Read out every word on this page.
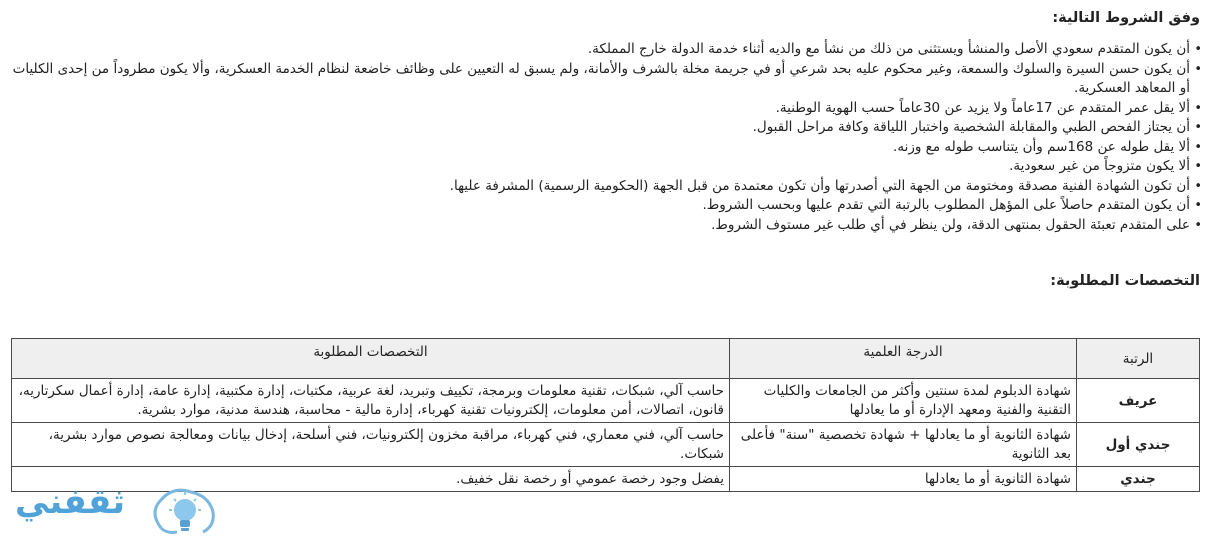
وفق الشروط التالية:
• أن يكون المتقدم سعودي الأصل والمنشأ ويستثنى من ذلك من نشأ مع والديه أثناء خدمة الدولة خارج المملكة.
• أن يكون حسن السيرة والسلوك والسمعة، وغير محكوم عليه بحد شرعي أو في جريمة مخلة بالشرف والأمانة، ولم يسبق له التعيين على وظائف خاضعة لنظام الخدمة العسكرية، وألا يكون مطروداً من إحدى الكليات أو المعاهد العسكرية.
• ألا يقل عمر المتقدم عن 17عاماً ولا يزيد عن 30عاماً حسب الهوية الوطنية.
• أن يجتاز الفحص الطبي والمقابلة الشخصية واختبار اللياقة وكافة مراحل القبول.
• ألا يقل طوله عن 168سم وأن يتناسب طوله مع وزنه.
• ألا يكون متزوجاً من غير سعودية.
• أن تكون الشهادة الفنية مصدقة ومختومة من الجهة التي أصدرتها وأن تكون معتمدة من قبل الجهة (الحكومية الرسمية) المشرفة عليها.
• أن يكون المتقدم حاصلاً على المؤهل المطلوب بالرتبة التي تقدم عليها وبحسب الشروط.
• على المتقدم تعبئة الحقول بمنتهى الدقة، ولن ينظر في أي طلب غير مستوف الشروط.
التخصصات المطلوبة:
الرتبة	الدرجة العلمية	التخصصات المطلوبة
عريف	شهادة الدبلوم لمدة سنتين وأكثر من الجامعات والكليات التقنية والفنية ومعهد الإدارة أو ما يعادلها	حاسب آلي، شبكات، تقنية معلومات وبرمجة، تكييف وتبريد، لغة عربية، مكتبات، إدارة مكتبية، إدارة عامة، إدارة أعمال سكرتاريه، قانون، اتصالات، أمن معلومات، إلكترونيات تقنية كهرباء، إدارة مالية - محاسبة، هندسة مدنية، موارد بشرية.
جندي أول	شهادة الثانوية أو ما يعادلها + شهادة تخصصية "سنة" فأعلى بعد الثانوية	حاسب آلي، فني معماري، فني كهرباء، مراقبة مخزون إلكترونيات، فني أسلحة، إدخال بيانات ومعالجة نصوص موارد بشرية، شبكات.
جندي	شهادة الثانوية أو ما يعادلها	يفضل وجود رخصة عمومي أو رخصة نقل خفيف.
ثقفني
